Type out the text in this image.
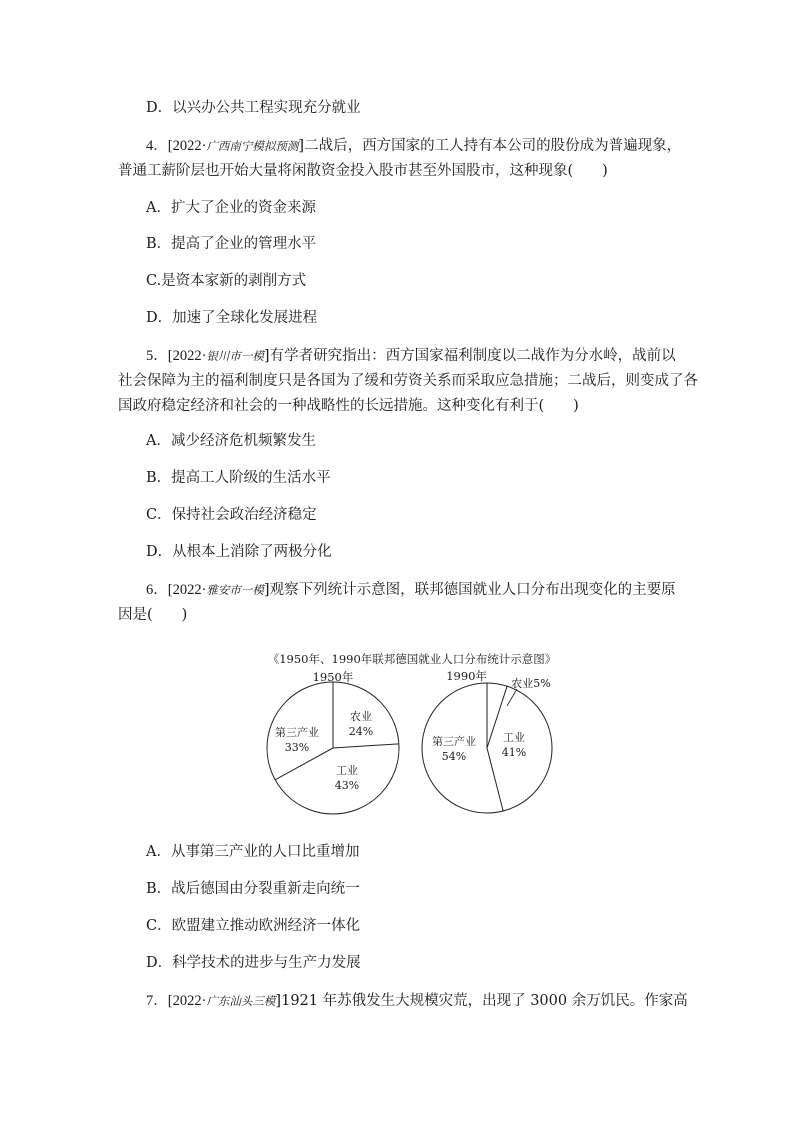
D．以兴办公共工程实现充分就业
4．[2022·广西南宁模拟预测]二战后，西方国家的工人持有本公司的股份成为普遍现象，
普通工薪阶层也开始大量将闲散资金投入股市甚至外国股市，这种现象(　　)
A．扩大了企业的资金来源
B．提高了企业的管理水平
C.是资本家新的剥削方式
D．加速了全球化发展进程
5．[2022·银川市一模]有学者研究指出：西方国家福利制度以二战作为分水岭，战前以
社会保障为主的福利制度只是各国为了缓和劳资关系而采取应急措施；二战后，则变成了各
国政府稳定经济和社会的一种战略性的长远措施。这种变化有利于(　　)
A．减少经济危机频繁发生
B．提高工人阶级的生活水平
C．保持社会政治经济稳定
D．从根本上消除了两极分化
6．[2022·雅安市一模]观察下列统计示意图，联邦德国就业人口分布出现变化的主要原
因是(　　)
《1950年、1990年联邦德国就业人口分布统计示意图》
1950年
农业
24%
工业
43%
第三产业
33%
1990年
农业5%
工业
41%
第三产业
54%
A．从事第三产业的人口比重增加
B．战后德国由分裂重新走向统一
C．欧盟建立推动欧洲经济一体化
D．科学技术的进步与生产力发展
7．[2022·广东汕头三模]1921 年苏俄发生大规模灾荒，出现了 3000 余万饥民。作家高
